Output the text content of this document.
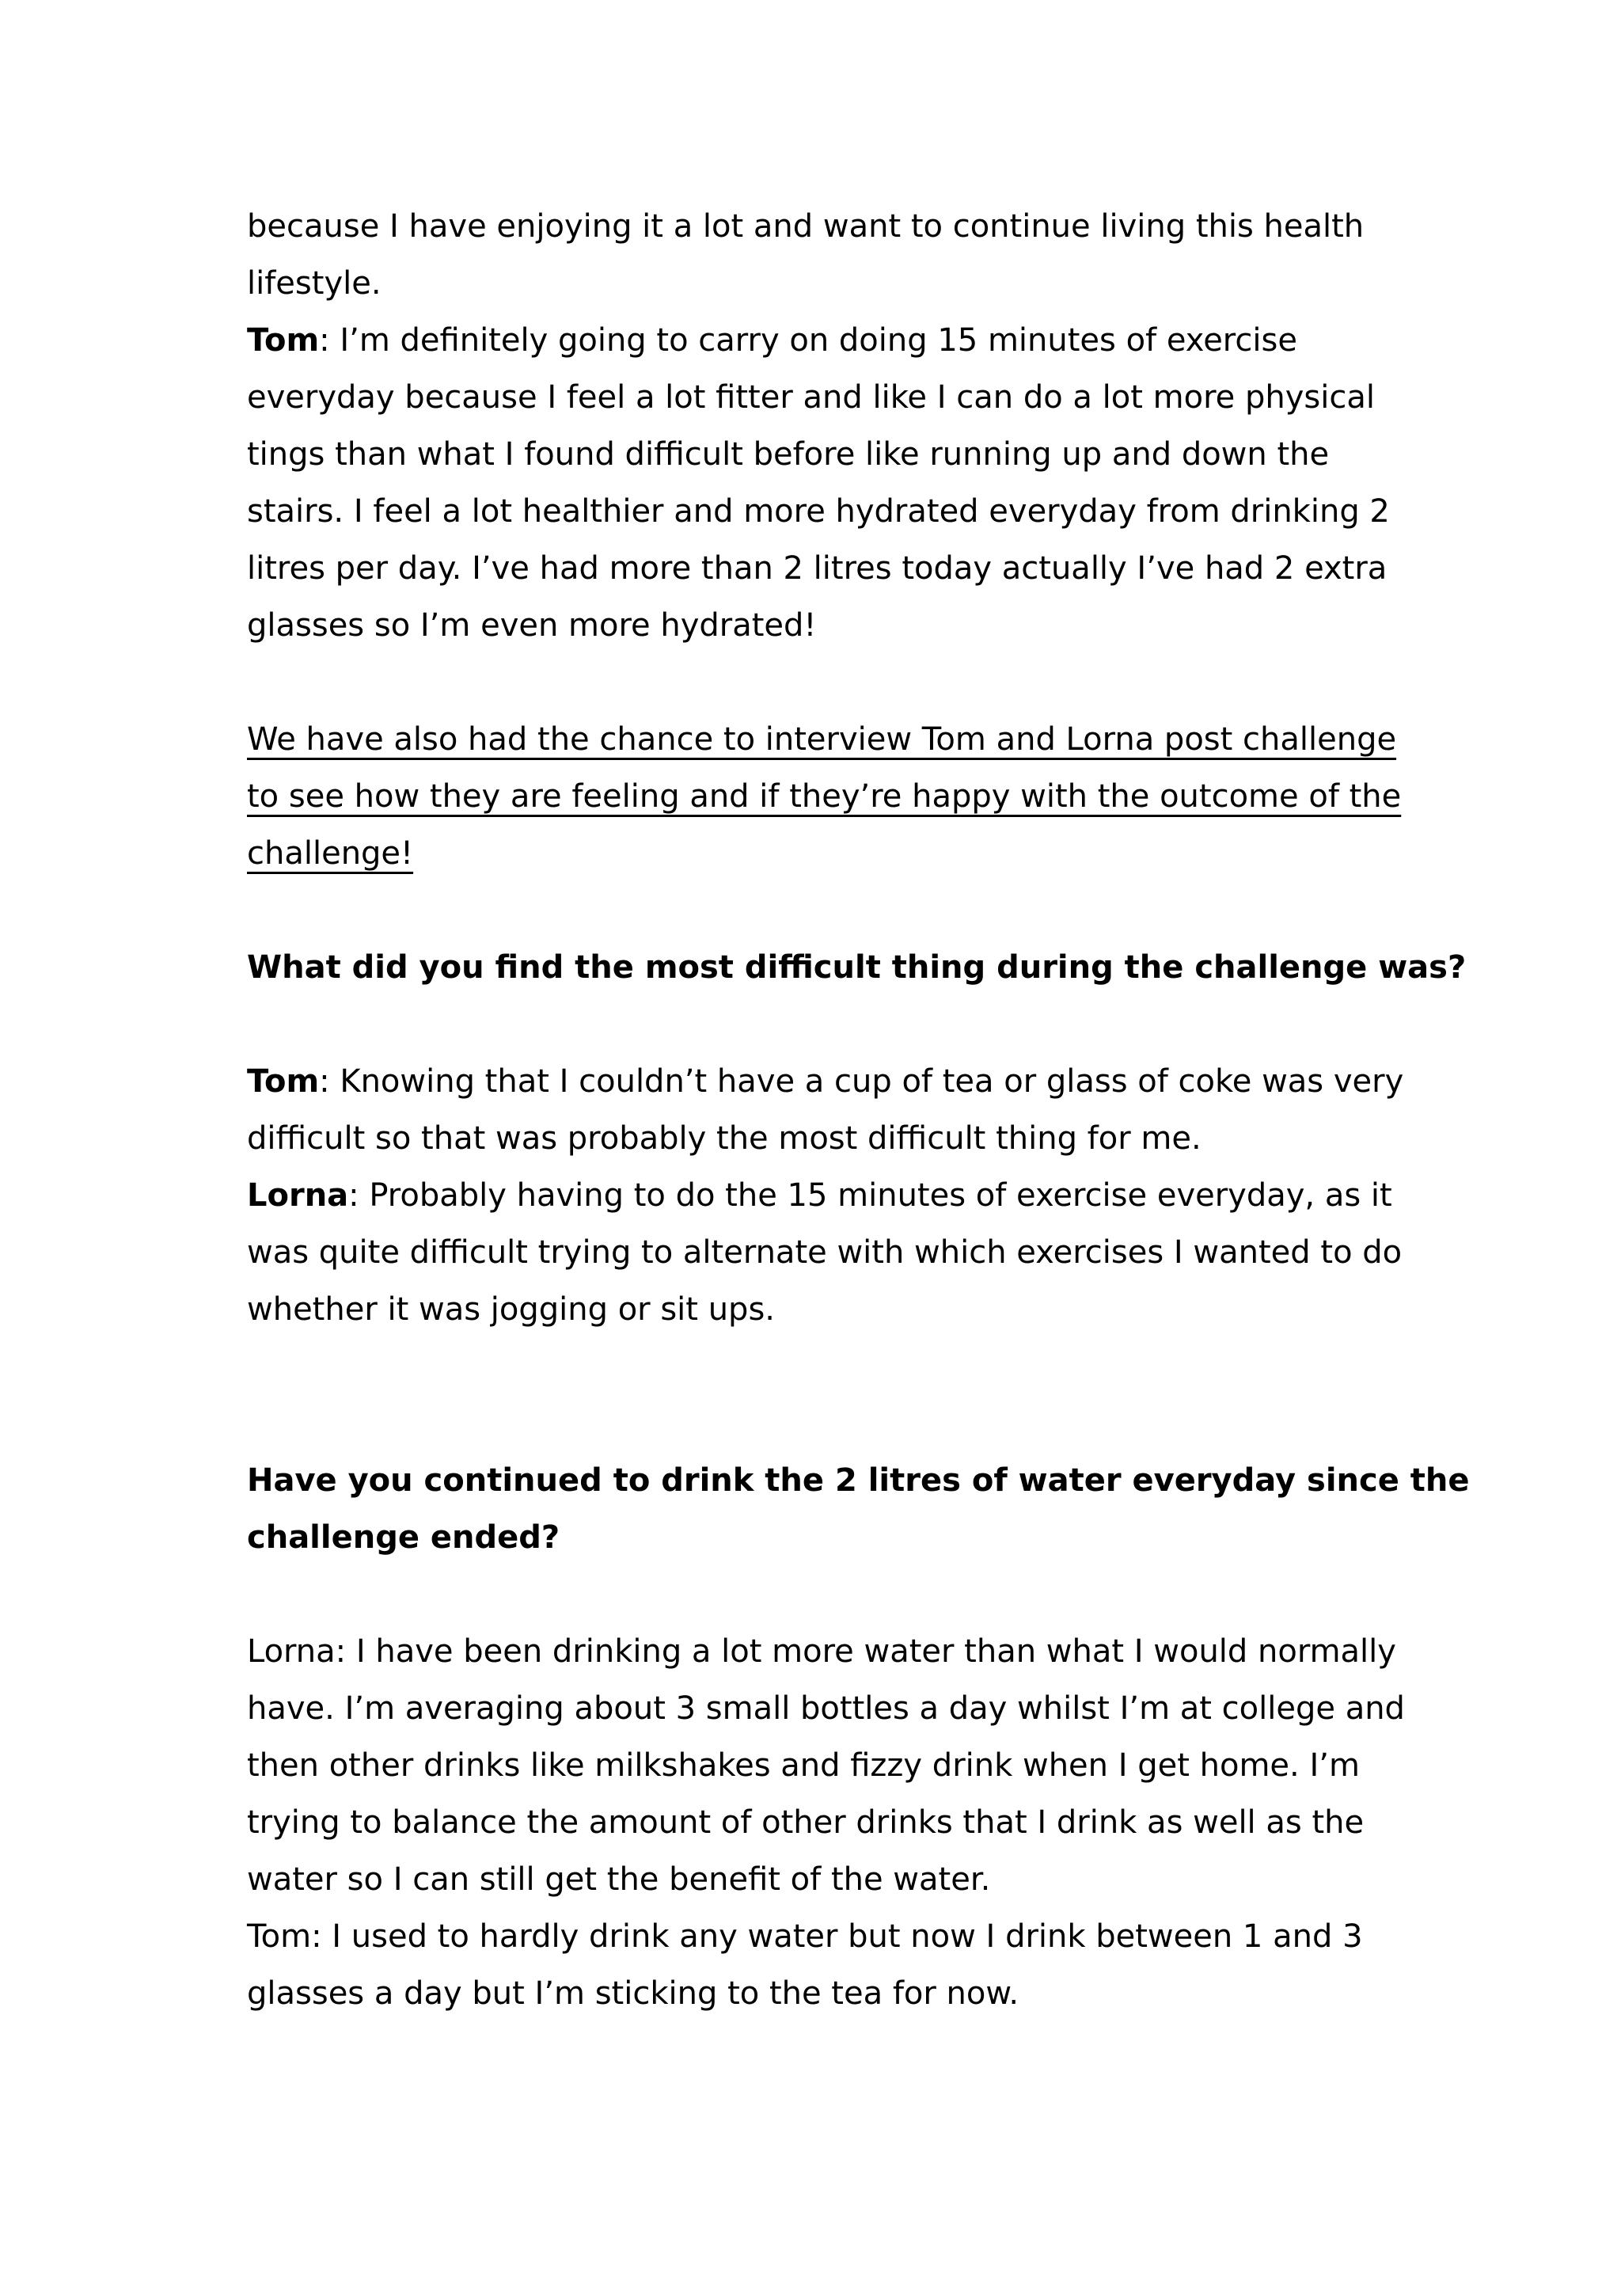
because I have enjoying it a lot and want to continue living this health
lifestyle.
Tom: I’m definitely going to carry on doing 15 minutes of exercise
everyday because I feel a lot fitter and like I can do a lot more physical
tings than what I found difficult before like running up and down the
stairs. I feel a lot healthier and more hydrated everyday from drinking 2
litres per day. I’ve had more than 2 litres today actually I’ve had 2 extra
glasses so I’m even more hydrated!
We have also had the chance to interview Tom and Lorna post challenge
to see how they are feeling and if they’re happy with the outcome of the
challenge!
What did you find the most difficult thing during the challenge was?
Tom: Knowing that I couldn’t have a cup of tea or glass of coke was very
difficult so that was probably the most difficult thing for me.
Lorna: Probably having to do the 15 minutes of exercise everyday, as it
was quite difficult trying to alternate with which exercises I wanted to do
whether it was jogging or sit ups.
Have you continued to drink the 2 litres of water everyday since the
challenge ended?
Lorna: I have been drinking a lot more water than what I would normally
have. I’m averaging about 3 small bottles a day whilst I’m at college and
then other drinks like milkshakes and fizzy drink when I get home. I’m
trying to balance the amount of other drinks that I drink as well as the
water so I can still get the benefit of the water.
Tom: I used to hardly drink any water but now I drink between 1 and 3
glasses a day but I’m sticking to the tea for now.
